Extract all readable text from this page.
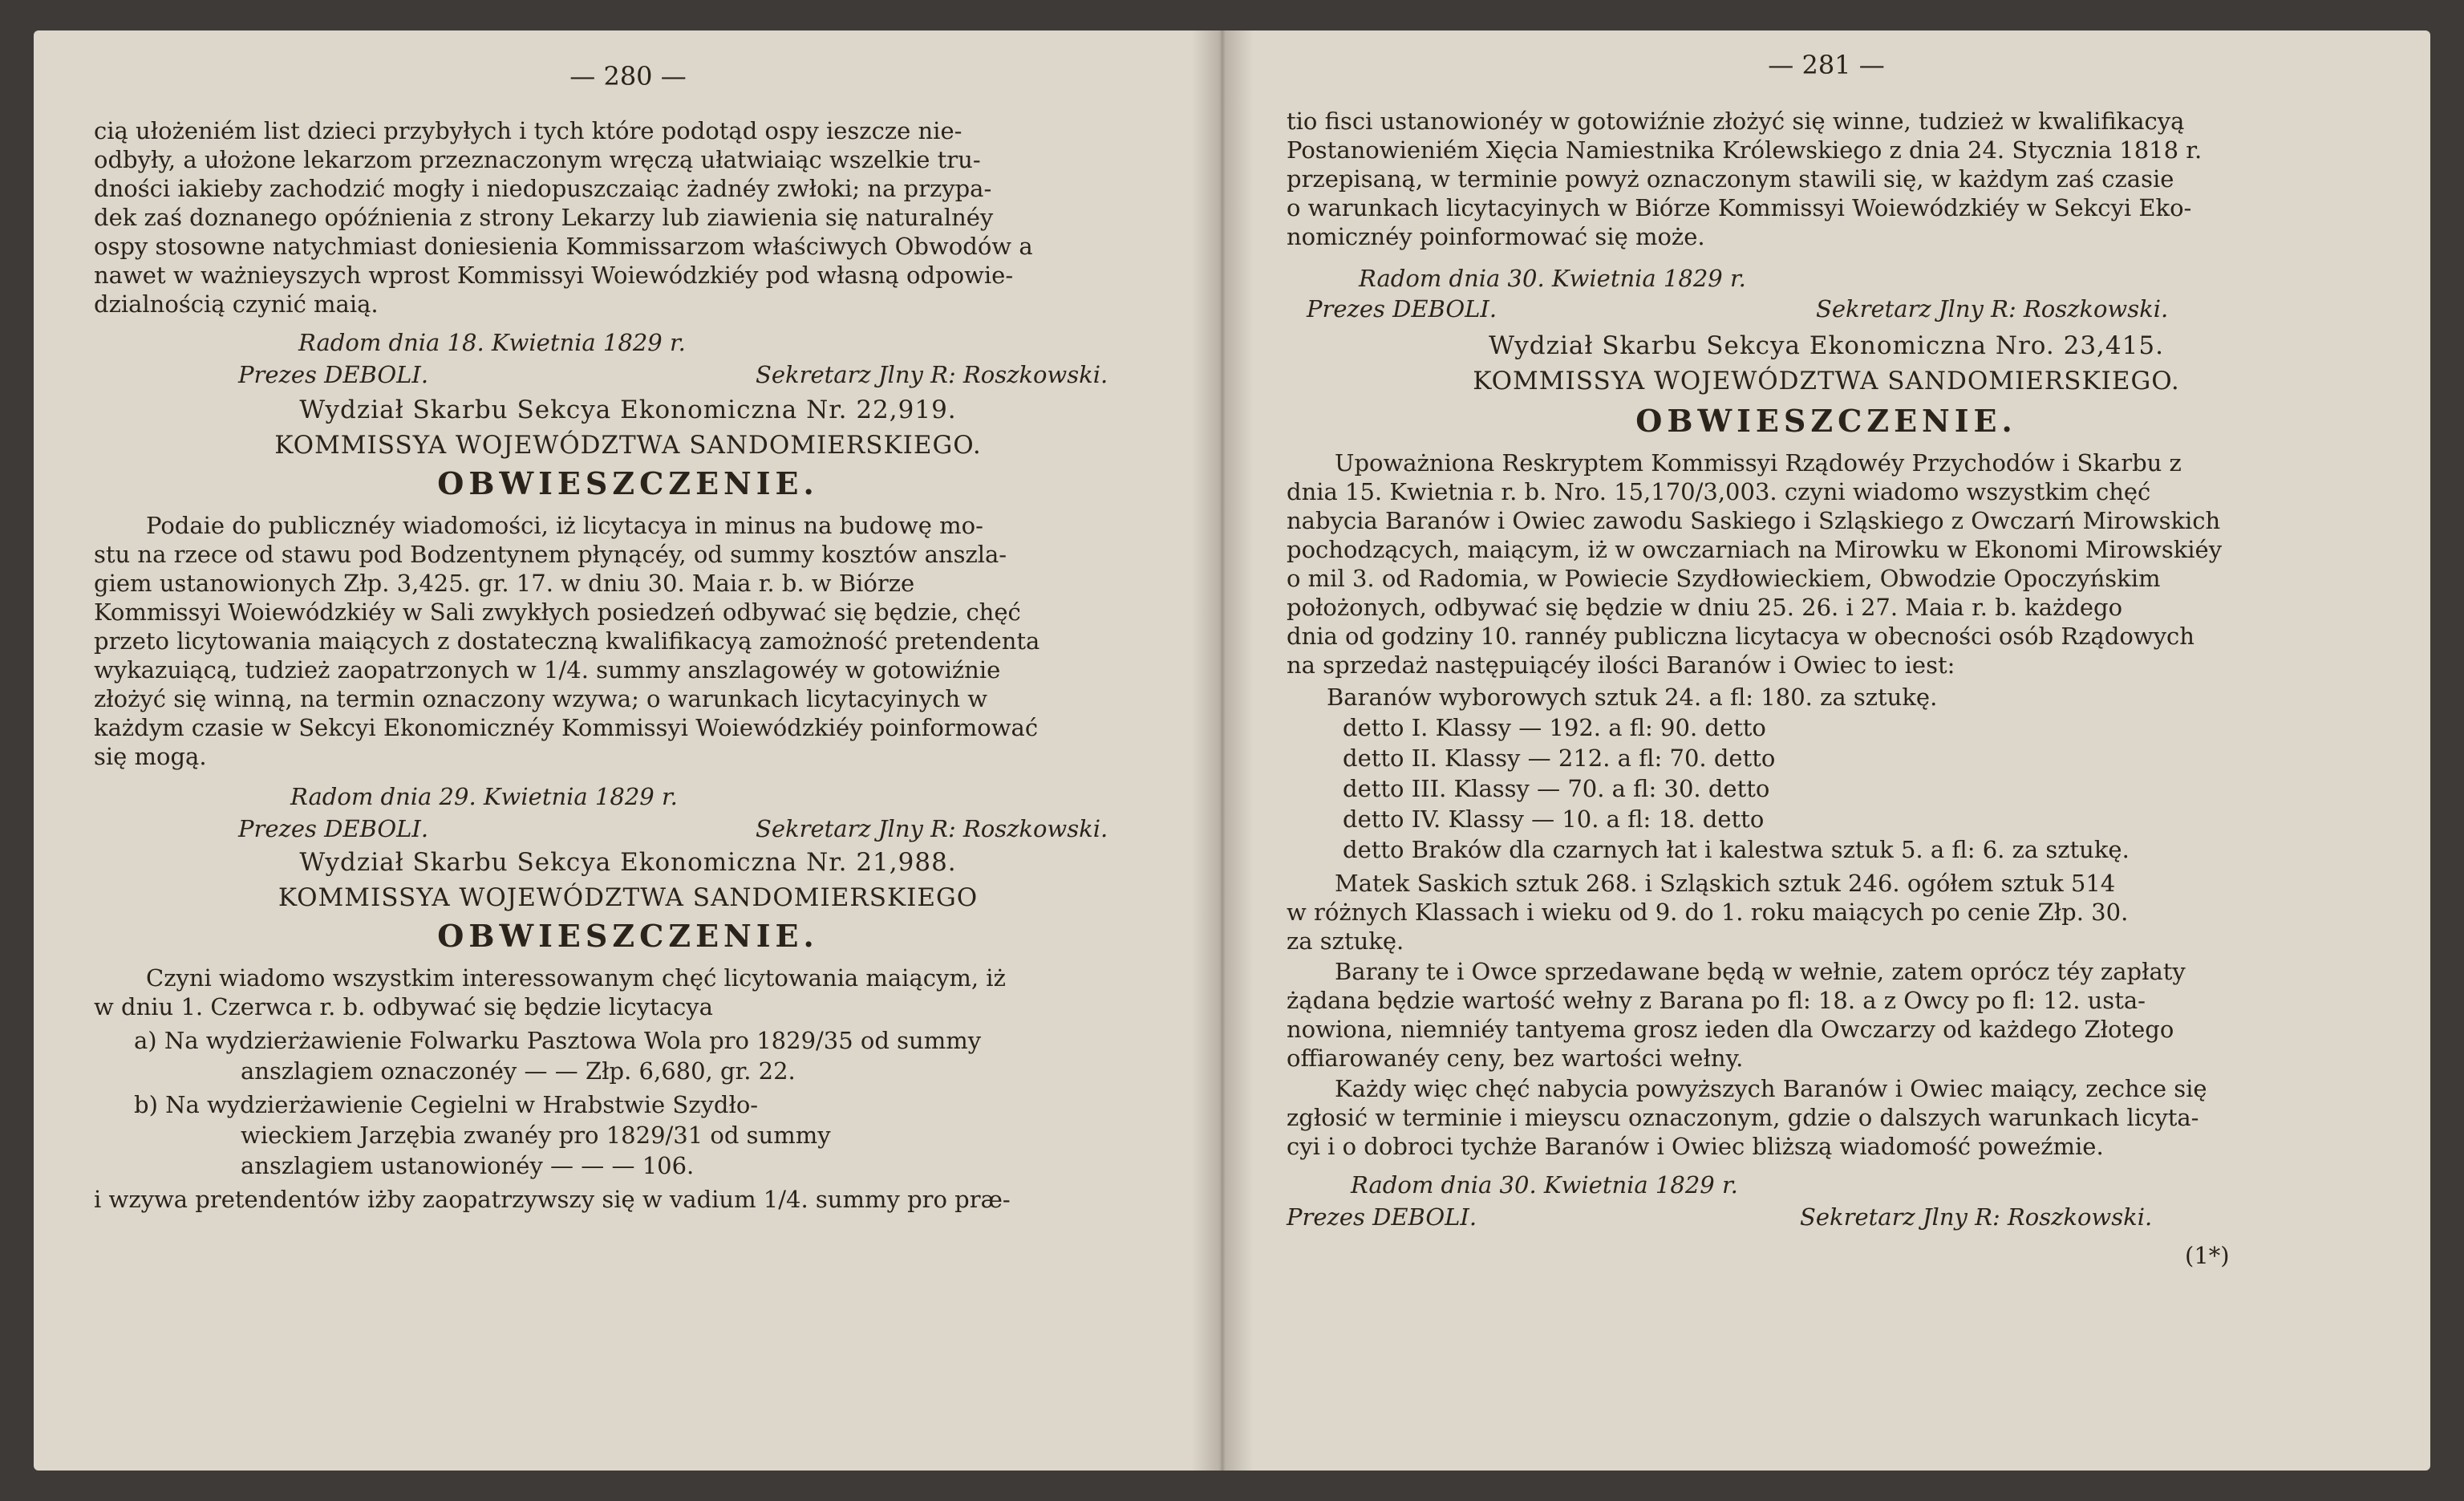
— 280 —
cią ułożeniém list dzieci przybyłych i tych które podotąd ospy ieszcze nie-
odbyły, a ułożone lekarzom przeznaczonym wręczą ułatwiaiąc wszelkie tru-
dności iakieby zachodzić mogły i niedopuszczaiąc żadnéy zwłoki; na przypa-
dek zaś doznanego opóźnienia z strony Lekarzy lub ziawienia się naturalnéy
ospy stosowne natychmiast doniesienia Kommissarzom właściwych Obwodów a
nawet w ważnieyszych wprost Kommissyi Woiewódzkiéy pod własną odpowie-
dzialnością czynić maią.
Radom dnia 18. Kwietnia 1829 r.
Prezes DEBOLI.	Sekretarz Jlny R: Roszkowski.
Wydział Skarbu Sekcya Ekonomiczna Nr. 22,919.
KOMMISSYA WOJEWÓDZTWA SANDOMIERSKIEGO.
OBWIESZCZENIE.
Podaie do publicznéy wiadomości, iż licytacya in minus na budowę mo-
stu na rzece od stawu pod Bodzentynem płynącéy, od summy kosztów anszla-
giem ustanowionych Złp. 3,425. gr. 17. w dniu 30. Maia r. b. w Biórze
Kommissyi Woiewódzkiéy w Sali zwykłych posiedzeń odbywać się będzie, chęć
przeto licytowania maiących z dostateczną kwalifikacyą zamożność pretendenta
wykazuiącą, tudzież zaopatrzonych w 1/4. summy anszlagowéy w gotowiźnie
złożyć się winną, na termin oznaczony wzywa; o warunkach licytacyinych w
każdym czasie w Sekcyi Ekonomicznéy Kommissyi Woiewódzkiéy poinformować
się mogą.
Radom dnia 29. Kwietnia 1829 r.
Prezes DEBOLI.	Sekretarz Jlny R: Roszkowski.
Wydział Skarbu Sekcya Ekonomiczna Nr. 21,988.
KOMMISSYA WOJEWÓDZTWA SANDOMIERSKIEGO
OBWIESZCZENIE.
Czyni wiadomo wszystkim interessowanym chęć licytowania maiącym, iż
w dniu 1. Czerwca r. b. odbywać się będzie licytacya
a) Na wydzierżawienie Folwarku Pasztowa Wola pro 1829/35 od summy
anszlagiem oznaczonéy — — Złp. 6,680, gr. 22.
b) Na wydzierżawienie Cegielni w Hrabstwie Szydło-
wieckiem Jarzębia zwanéy pro 1829/31 od summy
anszlagiem ustanowionéy — — — 106.
i wzywa pretendentów iżby zaopatrzywszy się w vadium 1/4. summy pro præ-
— 281 —
tio fisci ustanowionéy w gotowiźnie złożyć się winne, tudzież w kwalifikacyą
Postanowieniém Xięcia Namiestnika Królewskiego z dnia 24. Stycznia 1818 r.
przepisaną, w terminie powyż oznaczonym stawili się, w każdym zaś czasie
o warunkach licytacyinych w Biórze Kommissyi Woiewódzkiéy w Sekcyi Eko-
nomicznéy poinformować się może.
Radom dnia 30. Kwietnia 1829 r.
Prezes DEBOLI.	Sekretarz Jlny R: Roszkowski.
Wydział Skarbu Sekcya Ekonomiczna Nro. 23,415.
KOMMISSYA WOJEWÓDZTWA SANDOMIERSKIEGO.
OBWIESZCZENIE.
Upoważniona Reskryptem Kommissyi Rządowéy Przychodów i Skarbu z
dnia 15. Kwietnia r. b. Nro. 15,170/3,003. czyni wiadomo wszystkim chęć
nabycia Baranów i Owiec zawodu Saskiego i Szląskiego z Owczarń Mirowskich
pochodzących, maiącym, iż w owczarniach na Mirowku w Ekonomi Mirowskiéy
o mil 3. od Radomia, w Powiecie Szydłowieckiem, Obwodzie Opoczyńskim
położonych, odbywać się będzie w dniu 25. 26. i 27. Maia r. b. każdego
dnia od godziny 10. rannéy publiczna licytacya w obecności osób Rządowych
na sprzedaż następuiącéy ilości Baranów i Owiec to iest:
Baranów wyborowych sztuk 24. a fl: 180. za sztukę.
detto I. Klassy — 192. a fl: 90. detto
detto II. Klassy — 212. a fl: 70. detto
detto III. Klassy — 70. a fl: 30. detto
detto IV. Klassy — 10. a fl: 18. detto
detto Braków dla czarnych łat i kalestwa sztuk 5. a fl: 6. za sztukę.
Matek Saskich sztuk 268. i Szląskich sztuk 246. ogółem sztuk 514
w różnych Klassach i wieku od 9. do 1. roku maiących po cenie Złp. 30.
za sztukę.
Barany te i Owce sprzedawane będą w wełnie, zatem oprócz téy zapłaty
żądana będzie wartość wełny z Barana po fl: 18. a z Owcy po fl: 12. usta-
nowiona, niemniéy tantyema grosz ieden dla Owczarzy od każdego Złotego
offiarowanéy ceny, bez wartości wełny.
Każdy więc chęć nabycia powyższych Baranów i Owiec maiący, zechce się
zgłosić w terminie i mieyscu oznaczonym, gdzie o dalszych warunkach licyta-
cyi i o dobroci tychże Baranów i Owiec bliższą wiadomość poweźmie.
Radom dnia 30. Kwietnia 1829 r.
Prezes DEBOLI.	Sekretarz Jlny R: Roszkowski.
(1*)
